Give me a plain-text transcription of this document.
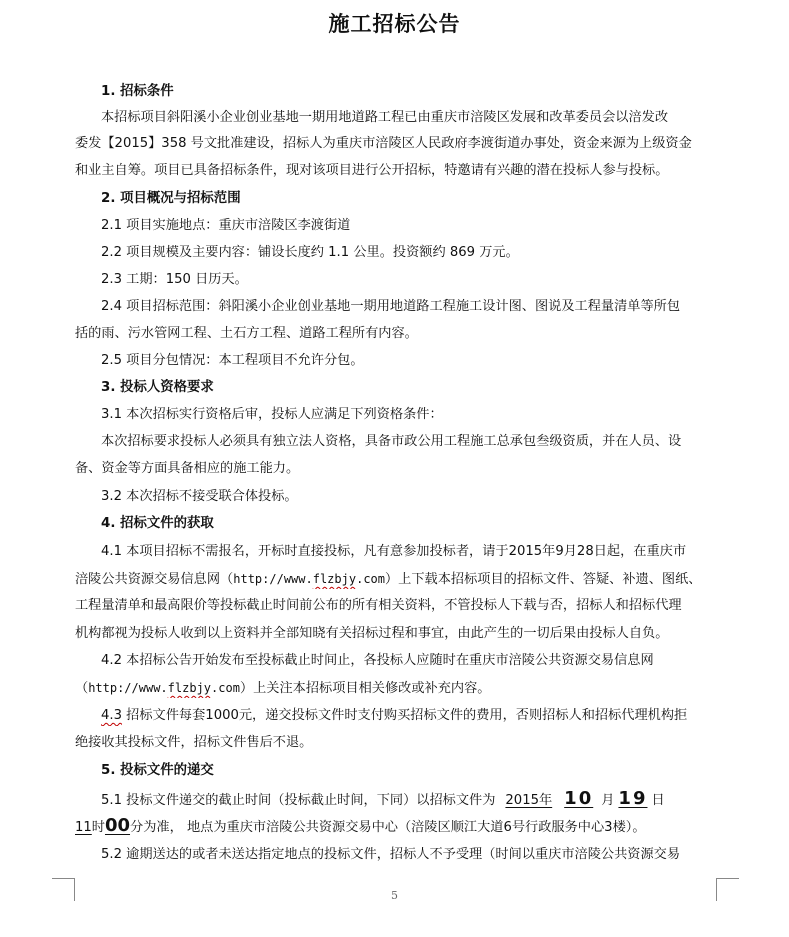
施工招标公告
1. 招标条件
本招标项目斜阳溪小企业创业基地一期用地道路工程已由重庆市涪陵区发展和改革委员会以涪发改
委发【2015】358 号文批准建设，招标人为重庆市涪陵区人民政府李渡街道办事处，资金来源为上级资金
和业主自筹。项目已具备招标条件，现对该项目进行公开招标，特邀请有兴趣的潜在投标人参与投标。
2. 项目概况与招标范围
2.1 项目实施地点：重庆市涪陵区李渡街道
2.2 项目规模及主要内容：铺设长度约 1.1 公里。投资额约 869 万元。
2.3 工期：150 日历天。
2.4 项目招标范围：斜阳溪小企业创业基地一期用地道路工程施工设计图、图说及工程量清单等所包
括的雨、污水管网工程、土石方工程、道路工程所有内容。
2.5 项目分包情况：本工程项目不允许分包。
3. 投标人资格要求
3.1 本次招标实行资格后审，投标人应满足下列资格条件：
本次招标要求投标人必须具有独立法人资格，具备市政公用工程施工总承包叁级资质，并在人员、设
备、资金等方面具备相应的施工能力。
3.2 本次招标不接受联合体投标。
4. 招标文件的获取
4.1 本项目招标不需报名，开标时直接投标，凡有意参加投标者，请于2015年9月28日起，在重庆市
涪陵公共资源交易信息网（http://www.flzbjy.com）上下载本招标项目的招标文件、答疑、补遗、图纸、
工程量清单和最高限价等投标截止时间前公布的所有相关资料，不管投标人下载与否，招标人和招标代理
机构都视为投标人收到以上资料并全部知晓有关招标过程和事宜，由此产生的一切后果由投标人自负。
4.2 本招标公告开始发布至投标截止时间止，各投标人应随时在重庆市涪陵公共资源交易信息网
（http://www.flzbjy.com）上关注本招标项目相关修改或补充内容。
4.3 招标文件每套1000元，递交投标文件时支付购买招标文件的费用，否则招标人和招标代理机构拒
绝接收其投标文件，招标文件售后不退。
5. 投标文件的递交
5.1 投标文件递交的截止时间（投标截止时间，下同）以招标文件为 2015年 10 月 19 日
11时00分为准， 地点为重庆市涪陵公共资源交易中心（涪陵区顺江大道6号行政服务中心3楼）。
5.2 逾期送达的或者未送达指定地点的投标文件，招标人不予受理（时间以重庆市涪陵公共资源交易
5
